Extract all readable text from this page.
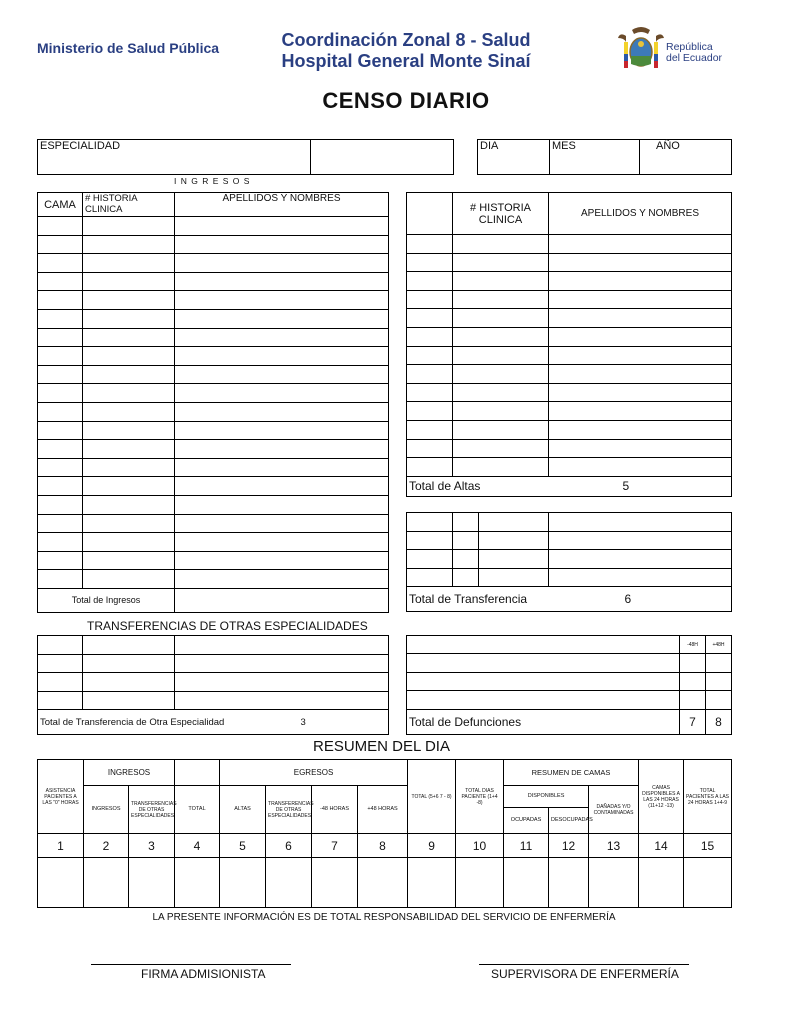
Ministerio de Salud Pública	Coordinación Zonal 8 - Salud
Hospital General Monte Sinaí
República
del Ecuador
CENSO DIARIO
ESPECIALIDAD		DIA	MES	AÑO
I N G R E S O S
CAMA	# HISTORIA CLINICA	APELLIDOS Y NOMBRES

Total de Ingresos		
	# HISTORIA CLINICA	APELLIDOS Y NOMBRES

Total de Altas 5		

Total de Transferencia 6			
TRANSFERENCIAS DE OTRAS ESPECIALIDADES

Total de Transferencia de Otra Especialidad 3		
	-48H	+48H

Total de Defunciones	7	8
RESUMEN DEL DIA
ASISTENCIA PACIENTES A LAS "0" HORAS	INGRESOS			EGRESOS				TOTAL (5+6 7 - 8)	TOTAL DIAS PACIENTE (1+4 -8)	RESUMEN DE CAMAS			CAMAS DISPONIBLES A LAS 24 HORAS (11+12 -13)	TOTAL PACIENTES A LAS 24 HORAS 1+4-9
	INGRESOS	TRANSFERENCIAS DE OTRAS ESPECIALIDADES	TOTAL	ALTAS	TRANSFERENCIAS DE OTRAS ESPECIALIDADES	-48 HORAS	+48 HORAS			DISPONIBLES		DAÑADAS Y/O CONTAMINADAS		
										OCUPADAS	DESOCUPADAS			
1	2	3	4	5	6	7	8	9	10	11	12	13	14	15

LA PRESENTE INFORMACIÓN ES DE TOTAL RESPONSABILIDAD DEL SERVICIO DE ENFERMERÍA
FIRMA ADMISIONISTA	SUPERVISORA DE ENFERMERÍA
